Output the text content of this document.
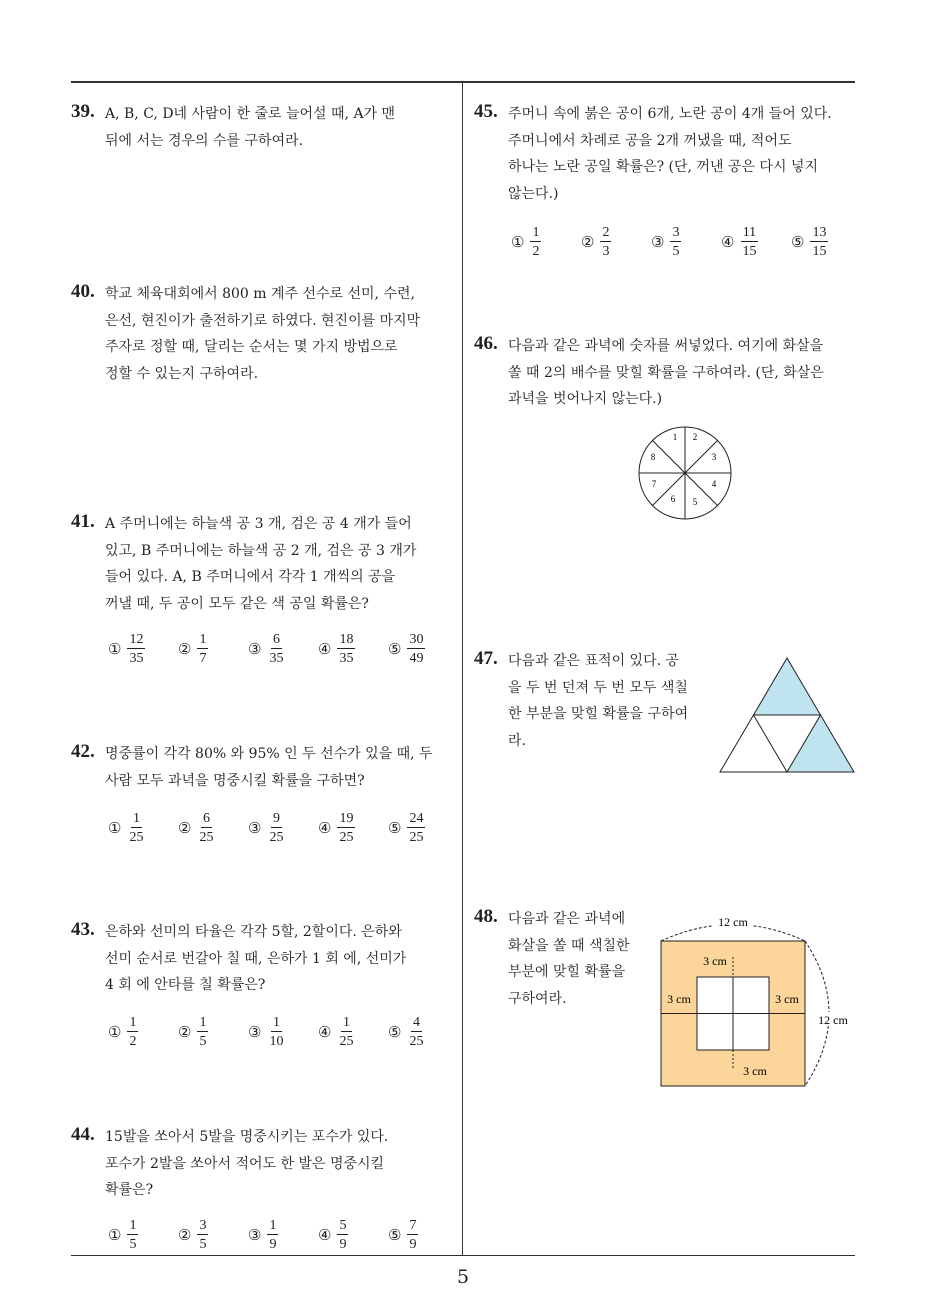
39. A, B, C, D네 사람이 한 줄로 늘어설 때, A가 맨
뒤에 서는 경우의 수를 구하여라.
40. 학교 체육대회에서 800 m 계주 선수로 선미, 수련,
은선, 현진이가 출전하기로 하였다. 현진이를 마지막
주자로 정할 때, 달리는 순서는 몇 가지 방법으로
정할 수 있는지 구하여라.
41. A 주머니에는 하늘색 공 3 개, 검은 공 4 개가 들어
있고, B 주머니에는 하늘색 공 2 개, 검은 공 3 개가
들어 있다. A, B 주머니에서 각각 1 개씩의 공을
꺼낼 때, 두 공이 모두 같은 색 공일 확률은?
① $\frac{12}{35}$ ② $\frac{1}{7}$	③ $\frac{6}{35}$ ④ $\frac{18}{35}$ ⑤ $\frac{30}{49}$
42. 명중률이 각각 80% 와 95% 인 두 선수가 있을 때, 두
사람 모두 과녁을 명중시킬 확률을 구하면?
① $\frac{1}{25}$ ② $\frac{6}{25}$ ③ $\frac{9}{25}$ ④ $\frac{19}{25}$ ⑤ $\frac{24}{25}$
43. 은하와 선미의 타율은 각각 5할, 2할이다. 은하와
선미 순서로 번갈아 칠 때, 은하가 1 회 에, 선미가
4 회 에 안타를 칠 확률은?
① $\frac{1}{2}$	② $\frac{1}{5}$	③ $\frac{1}{10}$ ④ $\frac{1}{25}$ ⑤ $\frac{4}{25}$
44. 15발을 쏘아서 5발을 명중시키는 포수가 있다.
포수가 2발을 쏘아서 적어도 한 발은 명중시킬
확률은?
① $\frac{1}{5}$	② $\frac{3}{5}$	③ $\frac{1}{9}$	④ $\frac{5}{9}$	⑤ $\frac{7}{9}$
45. 주머니 속에 붉은 공이 6개, 노란 공이 4개 들어 있다.
주머니에서 차례로 공을 2개 꺼냈을 때, 적어도
하나는 노란 공일 확률은? (단, 꺼낸 공은 다시 넣지
않는다.)
① $\frac{1}{2}$	② $\frac{2}{3}$	③ $\frac{3}{5}$	④ $\frac{11}{15}$ ⑤ $\frac{13}{15}$
46. 다음과 같은 과녁에 숫자를 써넣었다. 여기에 화살을
쏠 때 2의 배수를 맞힐 확률을 구하여라. (단, 화살은
과녁을 벗어나지 않는다.)
1 2
3
4
5
6
7
8
47. 다음과 같은 표적이 있다. 공
을 두 번 던져 두 번 모두 색칠
한 부분을 맞힐 확률을 구하여
라.
48. 다음과 같은 과녁에
화살을 쏠 때 색칠한
부분에 맞힐 확률을
구하여라.
12 cm
12 cm
3 cm
3 cm	3 cm
3 cm
5
